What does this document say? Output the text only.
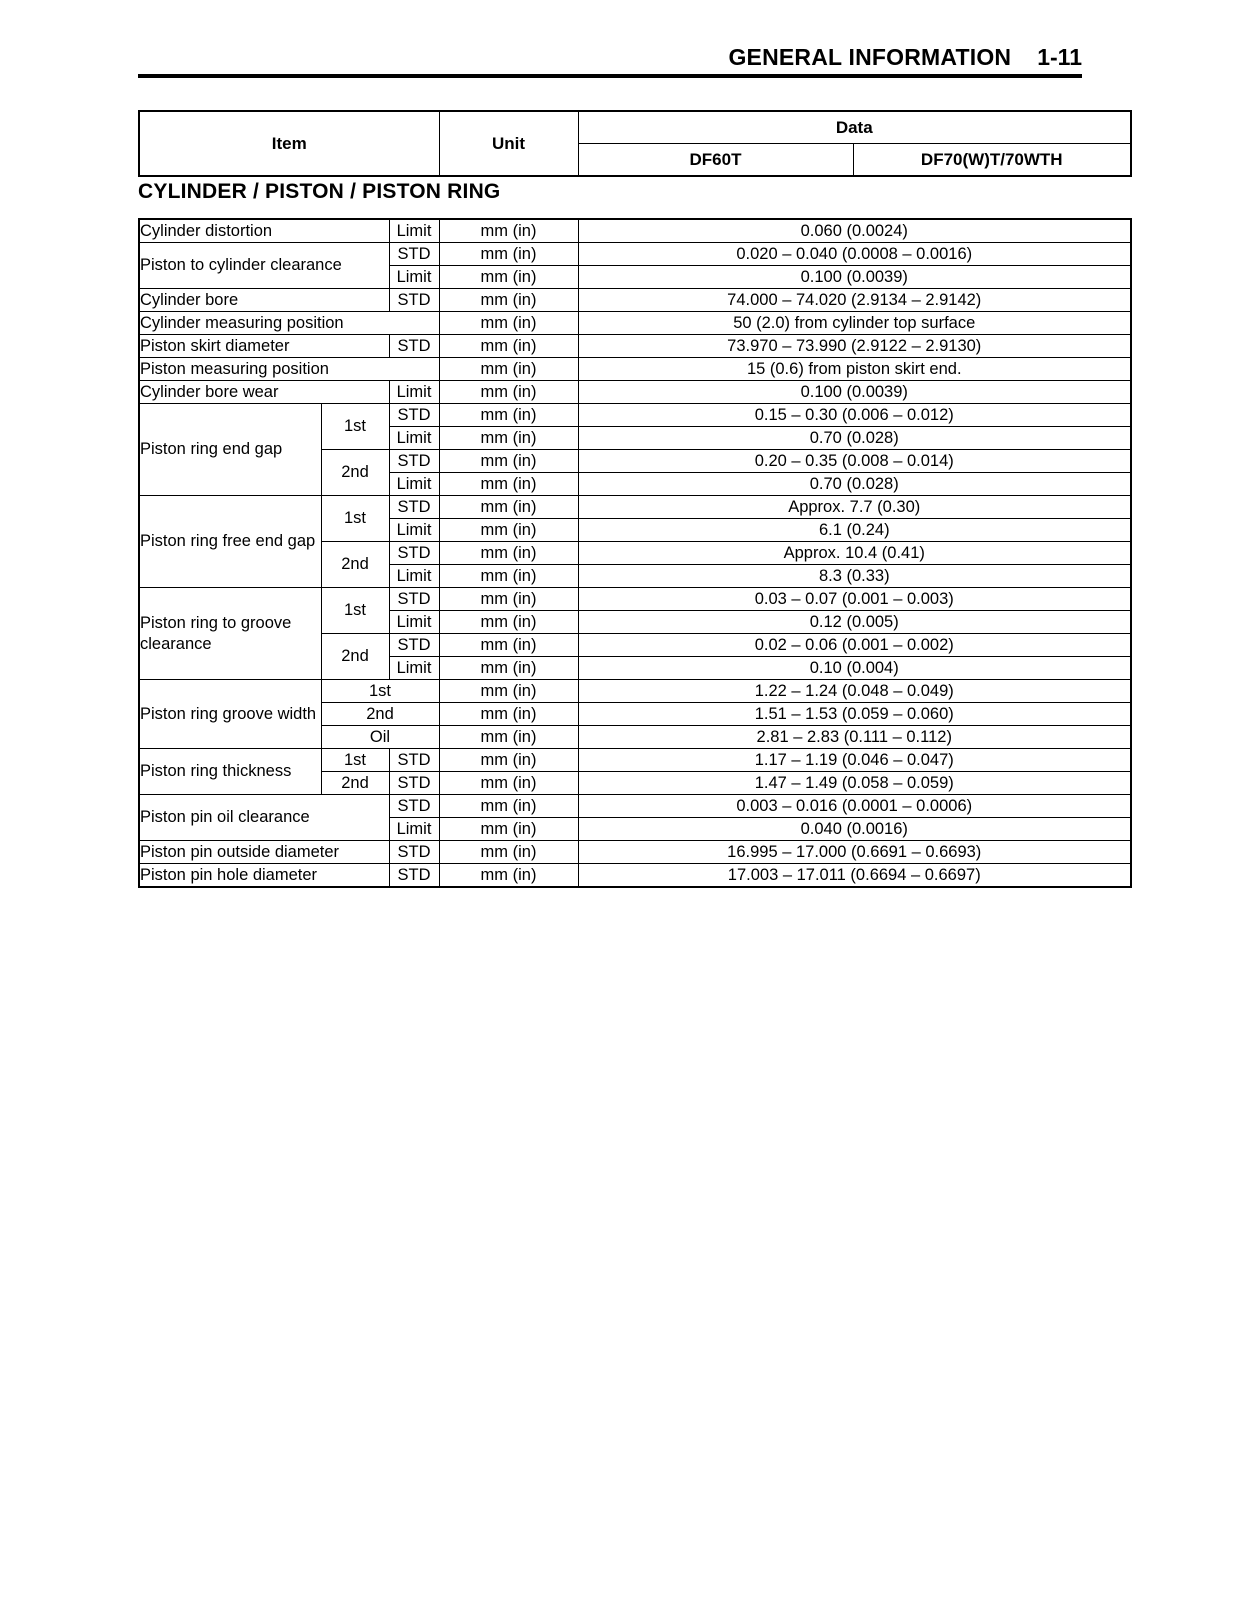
GENERAL INFORMATION 1-11
Item	Unit	Data	
		DF60T	DF70(W)T/70WTH
CYLINDER / PISTON / PISTON RING
Cylinder distortion		Limit	mm (in)	0.060 (0.0024)
Piston to cylinder clearance		STD	mm (in)	0.020 – 0.040 (0.0008 – 0.0016)
		Limit	mm (in)	0.100 (0.0039)
Cylinder bore		STD	mm (in)	74.000 – 74.020 (2.9134 – 2.9142)
Cylinder measuring position			mm (in)	50 (2.0) from cylinder top surface
Piston skirt diameter		STD	mm (in)	73.970 – 73.990 (2.9122 – 2.9130)
Piston measuring position			mm (in)	15 (0.6) from piston skirt end.
Cylinder bore wear		Limit	mm (in)	0.100 (0.0039)
Piston ring end gap	1st	STD	mm (in)	0.15 – 0.30 (0.006 – 0.012)
		Limit	mm (in)	0.70 (0.028)
	2nd	STD	mm (in)	0.20 – 0.35 (0.008 – 0.014)
		Limit	mm (in)	0.70 (0.028)
Piston ring free end gap	1st	STD	mm (in)	Approx. 7.7 (0.30)
		Limit	mm (in)	6.1 (0.24)
	2nd	STD	mm (in)	Approx. 10.4 (0.41)
		Limit	mm (in)	8.3 (0.33)
Piston ring to groove clearance	1st	STD	mm (in)	0.03 – 0.07 (0.001 – 0.003)
		Limit	mm (in)	0.12 (0.005)
	2nd	STD	mm (in)	0.02 – 0.06 (0.001 – 0.002)
		Limit	mm (in)	0.10 (0.004)
Piston ring groove width	1st		mm (in)	1.22 – 1.24 (0.048 – 0.049)
	2nd		mm (in)	1.51 – 1.53 (0.059 – 0.060)
	Oil		mm (in)	2.81 – 2.83 (0.111 – 0.112)
Piston ring thickness	1st	STD	mm (in)	1.17 – 1.19 (0.046 – 0.047)
	2nd	STD	mm (in)	1.47 – 1.49 (0.058 – 0.059)
Piston pin oil clearance		STD	mm (in)	0.003 – 0.016 (0.0001 – 0.0006)
		Limit	mm (in)	0.040 (0.0016)
Piston pin outside diameter		STD	mm (in)	16.995 – 17.000 (0.6691 – 0.6693)
Piston pin hole diameter		STD	mm (in)	17.003 – 17.011 (0.6694 – 0.6697)
